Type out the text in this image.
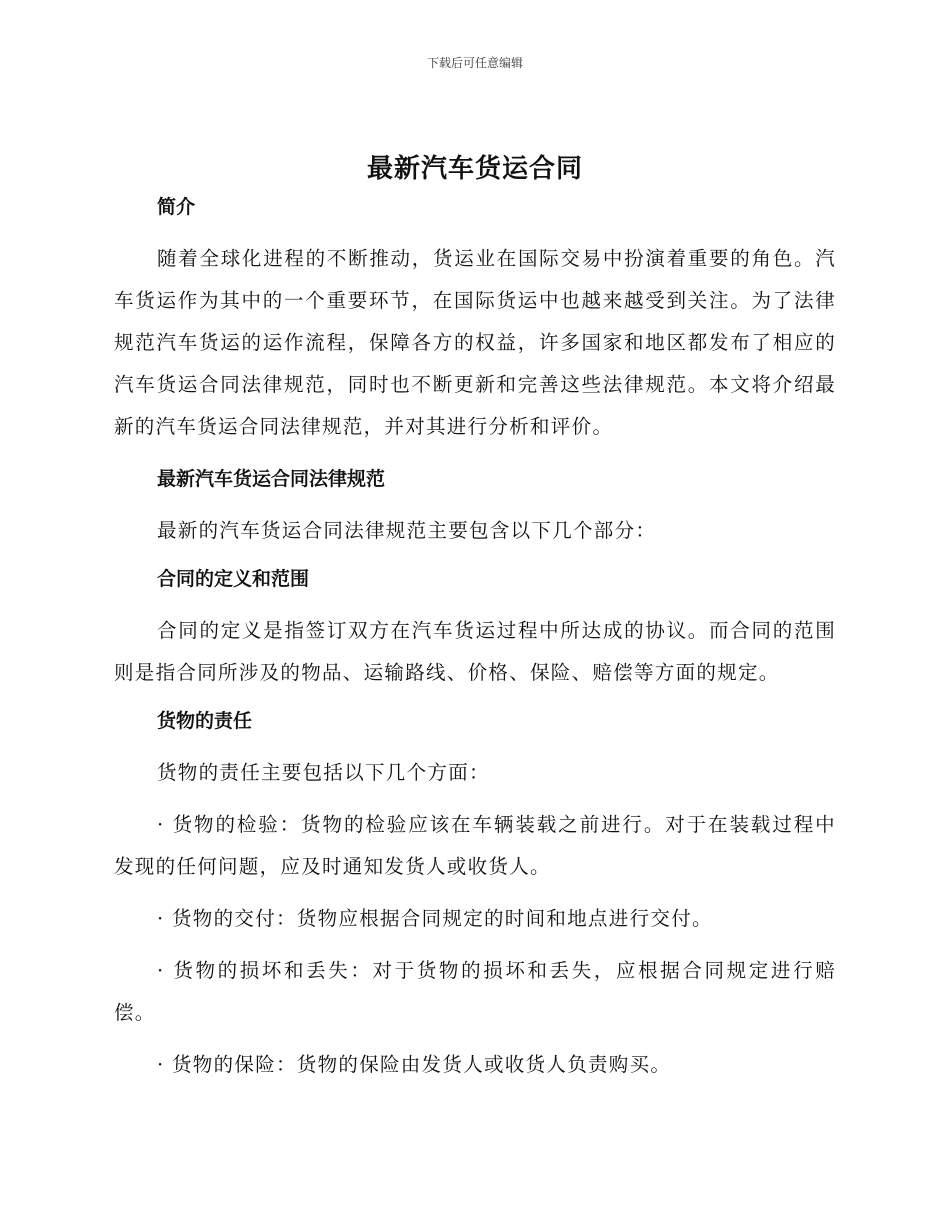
下载后可任意编辑
最新汽车货运合同

简介

随着全球化进程的不断推动，货运业在国际交易中扮演着重要的角色。汽车货运作为其中的一个重要环节，在国际货运中也越来越受到关注。为了法律规范汽车货运的运作流程，保障各方的权益，许多国家和地区都发布了相应的汽车货运合同法律规范，同时也不断更新和完善这些法律规范。本文将介绍最新的汽车货运合同法律规范，并对其进行分析和评价。

最新汽车货运合同法律规范

最新的汽车货运合同法律规范主要包含以下几个部分：

合同的定义和范围

合同的定义是指签订双方在汽车货运过程中所达成的协议。而合同的范围则是指合同所涉及的物品、运输路线、价格、保险、赔偿等方面的规定。

货物的责任

货物的责任主要包括以下几个方面：

· 货物的检验：货物的检验应该在车辆装载之前进行。对于在装载过程中发现的任何问题，应及时通知发货人或收货人。

· 货物的交付：货物应根据合同规定的时间和地点进行交付。

· 货物的损坏和丢失：对于货物的损坏和丢失，应根据合同规定进行赔偿。

· 货物的保险：货物的保险由发货人或收货人负责购买。
